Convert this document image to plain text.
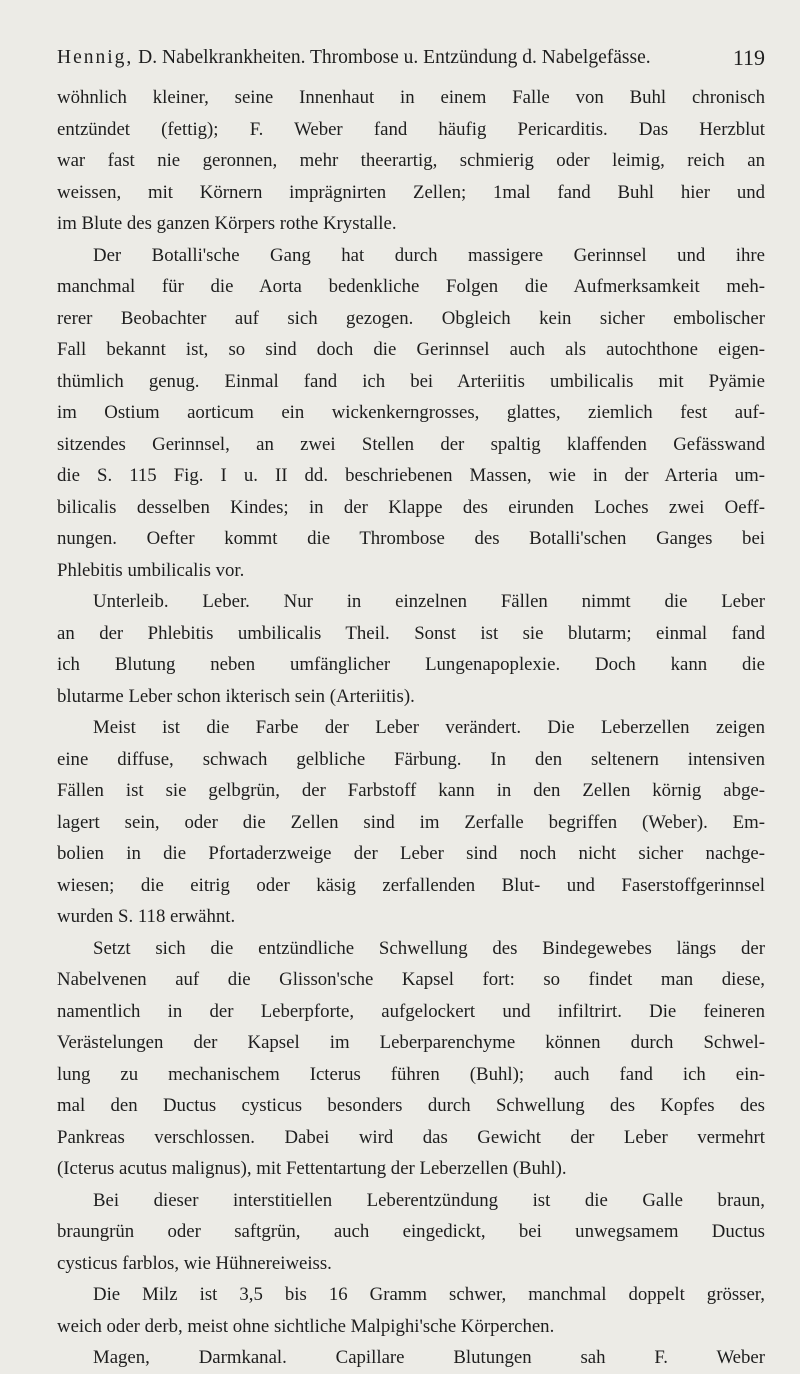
Hennig, D. Nabelkrankheiten. Thrombose u. Entzündung d. Nabelgefässe.	119
wöhnlich kleiner, seine Innenhaut in einem Falle von Buhl chronisch
entzündet (fettig); F. Weber fand häufig Pericarditis. Das Herzblut
war fast nie geronnen, mehr theerartig, schmierig oder leimig, reich an
weissen, mit Körnern imprägnirten Zellen; 1mal fand Buhl hier und
im Blute des ganzen Körpers rothe Krystalle.
Der Botalli'sche Gang hat durch massigere Gerinnsel und ihre
manchmal für die Aorta bedenkliche Folgen die Aufmerksamkeit meh-
rerer Beobachter auf sich gezogen. Obgleich kein sicher embolischer
Fall bekannt ist, so sind doch die Gerinnsel auch als autochthone eigen-
thümlich genug. Einmal fand ich bei Arteriitis umbilicalis mit Pyämie
im Ostium aorticum ein wickenkerngrosses, glattes, ziemlich fest auf-
sitzendes Gerinnsel, an zwei Stellen der spaltig klaffenden Gefässwand
die S. 115 Fig. I u. II dd. beschriebenen Massen, wie in der Arteria um-
bilicalis desselben Kindes; in der Klappe des eirunden Loches zwei Oeff-
nungen. Oefter kommt die Thrombose des Botalli'schen Ganges bei
Phlebitis umbilicalis vor.
Unterleib. Leber. Nur in einzelnen Fällen nimmt die Leber
an der Phlebitis umbilicalis Theil. Sonst ist sie blutarm; einmal fand
ich Blutung neben umfänglicher Lungenapoplexie. Doch kann die
blutarme Leber schon ikterisch sein (Arteriitis).
Meist ist die Farbe der Leber verändert. Die Leberzellen zeigen
eine diffuse, schwach gelbliche Färbung. In den seltenern intensiven
Fällen ist sie gelbgrün, der Farbstoff kann in den Zellen körnig abge-
lagert sein, oder die Zellen sind im Zerfalle begriffen (Weber). Em-
bolien in die Pfortaderzweige der Leber sind noch nicht sicher nachge-
wiesen; die eitrig oder käsig zerfallenden Blut- und Faserstoffgerinnsel
wurden S. 118 erwähnt.
Setzt sich die entzündliche Schwellung des Bindegewebes längs der
Nabelvenen auf die Glisson'sche Kapsel fort: so findet man diese,
namentlich in der Leberpforte, aufgelockert und infiltrirt. Die feineren
Verästelungen der Kapsel im Leberparenchyme können durch Schwel-
lung zu mechanischem Icterus führen (Buhl); auch fand ich ein-
mal den Ductus cysticus besonders durch Schwellung des Kopfes des
Pankreas verschlossen. Dabei wird das Gewicht der Leber vermehrt
(Icterus acutus malignus), mit Fettentartung der Leberzellen (Buhl).
Bei dieser interstitiellen Leberentzündung ist die Galle braun,
braungrün oder saftgrün, auch eingedickt, bei unwegsamem Ductus
cysticus farblos, wie Hühnereiweiss.
Die Milz ist 3,5 bis 16 Gramm schwer, manchmal doppelt grösser,
weich oder derb, meist ohne sichtliche Malpighi'sche Körperchen.
Magen, Darmkanal. Capillare Blutungen sah F. Weber
